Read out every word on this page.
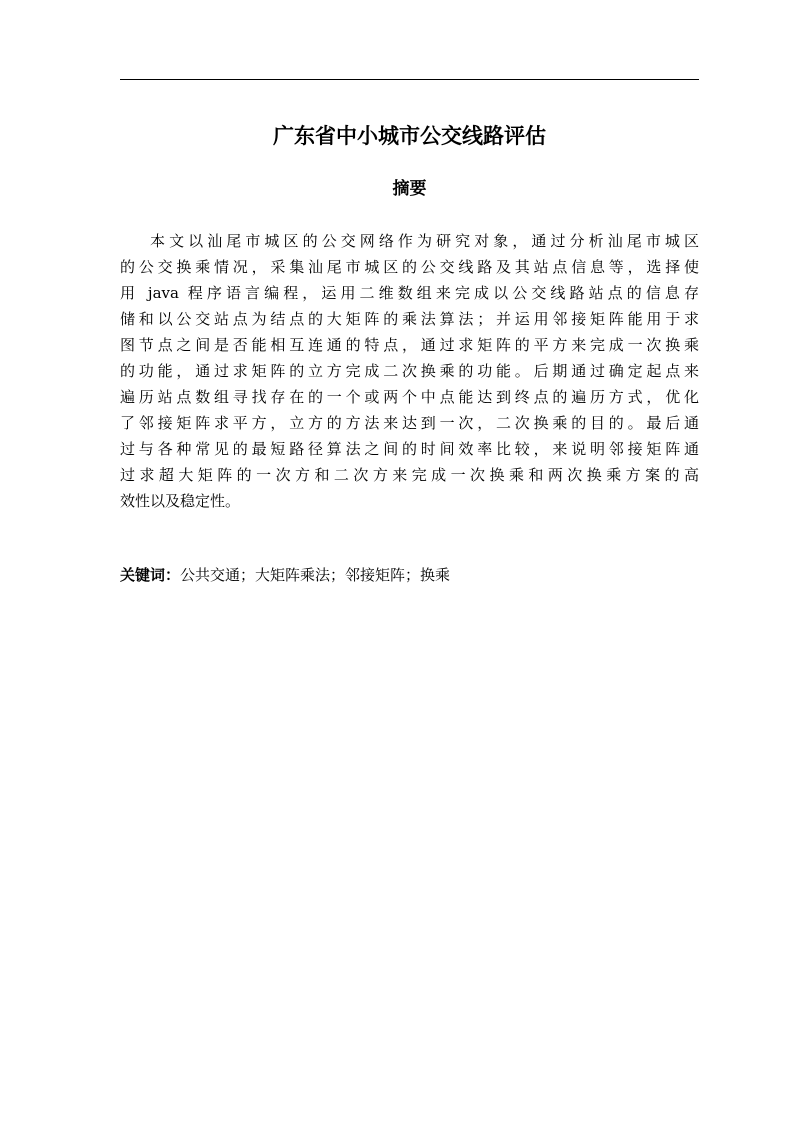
广东省中小城市公交线路评估
摘要
本文以汕尾市城区的公交网络作为研究对象，通过分析汕尾市城区
的公交换乘情况，采集汕尾市城区的公交线路及其站点信息等，选择使
用 java 程序语言编程，运用二维数组来完成以公交线路站点的信息存
储和以公交站点为结点的大矩阵的乘法算法；并运用邻接矩阵能用于求
图节点之间是否能相互连通的特点，通过求矩阵的平方来完成一次换乘
的功能，通过求矩阵的立方完成二次换乘的功能。后期通过确定起点来
遍历站点数组寻找存在的一个或两个中点能达到终点的遍历方式，优化
了邻接矩阵求平方，立方的方法来达到一次，二次换乘的目的。最后通
过与各种常见的最短路径算法之间的时间效率比较，来说明邻接矩阵通
过求超大矩阵的一次方和二次方来完成一次换乘和两次换乘方案的高
效性以及稳定性。
关键词：公共交通；大矩阵乘法；邻接矩阵；换乘
